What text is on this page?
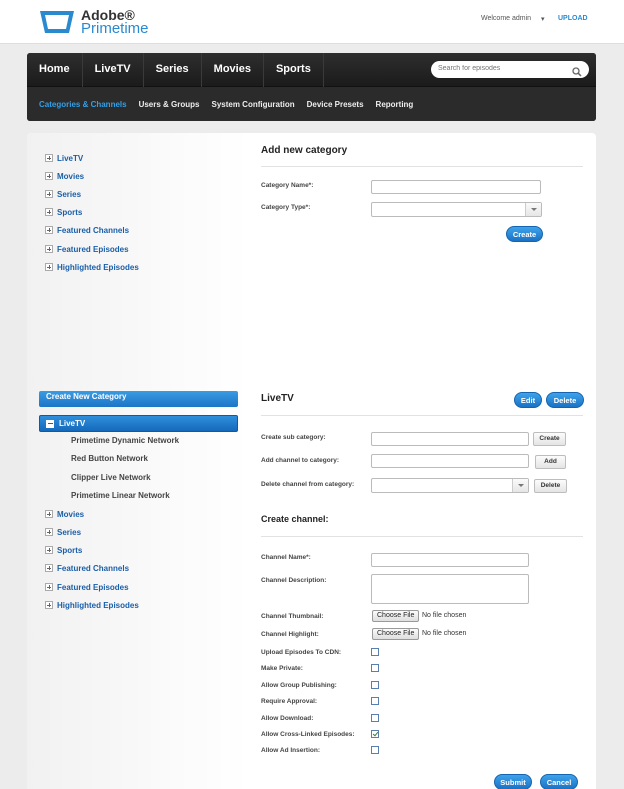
Adobe®
Primetime
Welcome admin ▾ UPLOAD
Home	LiveTV	Series	Movies	Sports
Search for episodes
Categories & Channels Users & Groups System Configuration Device Presets Reporting
LiveTV
Movies
Series
Sports
Featured Channels
Featured Episodes
Highlighted Episodes
Create New Category
LiveTV
Primetime Dynamic Network
Red Button Network
Clipper Live Network
Primetime Linear Network
Movies
Series
Sports
Featured Channels
Featured Episodes
Highlighted Episodes
Add new category
Category Name*:
Category Type*:
Create
LiveTV	Edit	Delete
Create sub category:	Create
Add channel to category:	Add
Delete channel from category:	Delete
Create channel:
Channel Name*:
Channel Description:
Channel Thumbnail:	Choose File	No file chosen
Channel Highlight:	Choose File	No file chosen
Upload Episodes To CDN:
Make Private:
Allow Group Publishing:
Require Approval:
Allow Download:
Allow Cross-Linked Episodes:
Allow Ad Insertion:
Submit	Cancel
